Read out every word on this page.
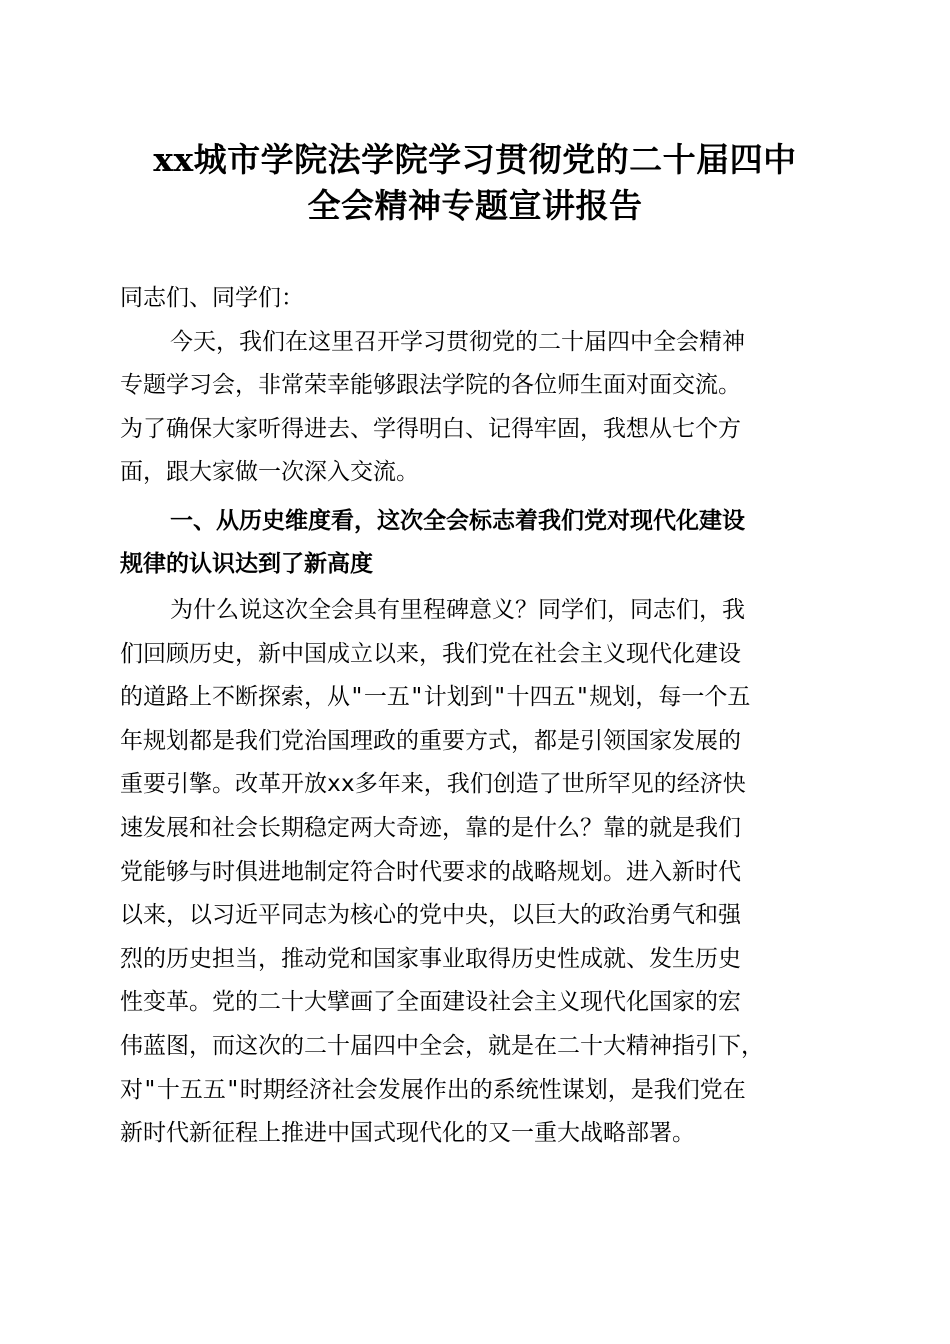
xx城市学院法学院学习贯彻党的二十届四中
全会精神专题宣讲报告
同志们、同学们：
今天，我们在这里召开学习贯彻党的二十届四中全会精神
专题学习会，非常荣幸能够跟法学院的各位师生面对面交流。
为了确保大家听得进去、学得明白、记得牢固，我想从七个方
面，跟大家做一次深入交流。
一、从历史维度看，这次全会标志着我们党对现代化建设
规律的认识达到了新高度
为什么说这次全会具有里程碑意义？同学们，同志们，我
们回顾历史，新中国成立以来，我们党在社会主义现代化建设
的道路上不断探索，从"一五"计划到"十四五"规划，每一个五
年规划都是我们党治国理政的重要方式，都是引领国家发展的
重要引擎。改革开放xx多年来，我们创造了世所罕见的经济快
速发展和社会长期稳定两大奇迹，靠的是什么？靠的就是我们
党能够与时俱进地制定符合时代要求的战略规划。进入新时代
以来，以习近平同志为核心的党中央，以巨大的政治勇气和强
烈的历史担当，推动党和国家事业取得历史性成就、发生历史
性变革。党的二十大擘画了全面建设社会主义现代化国家的宏
伟蓝图，而这次的二十届四中全会，就是在二十大精神指引下，
对"十五五"时期经济社会发展作出的系统性谋划，是我们党在
新时代新征程上推进中国式现代化的又一重大战略部署。
